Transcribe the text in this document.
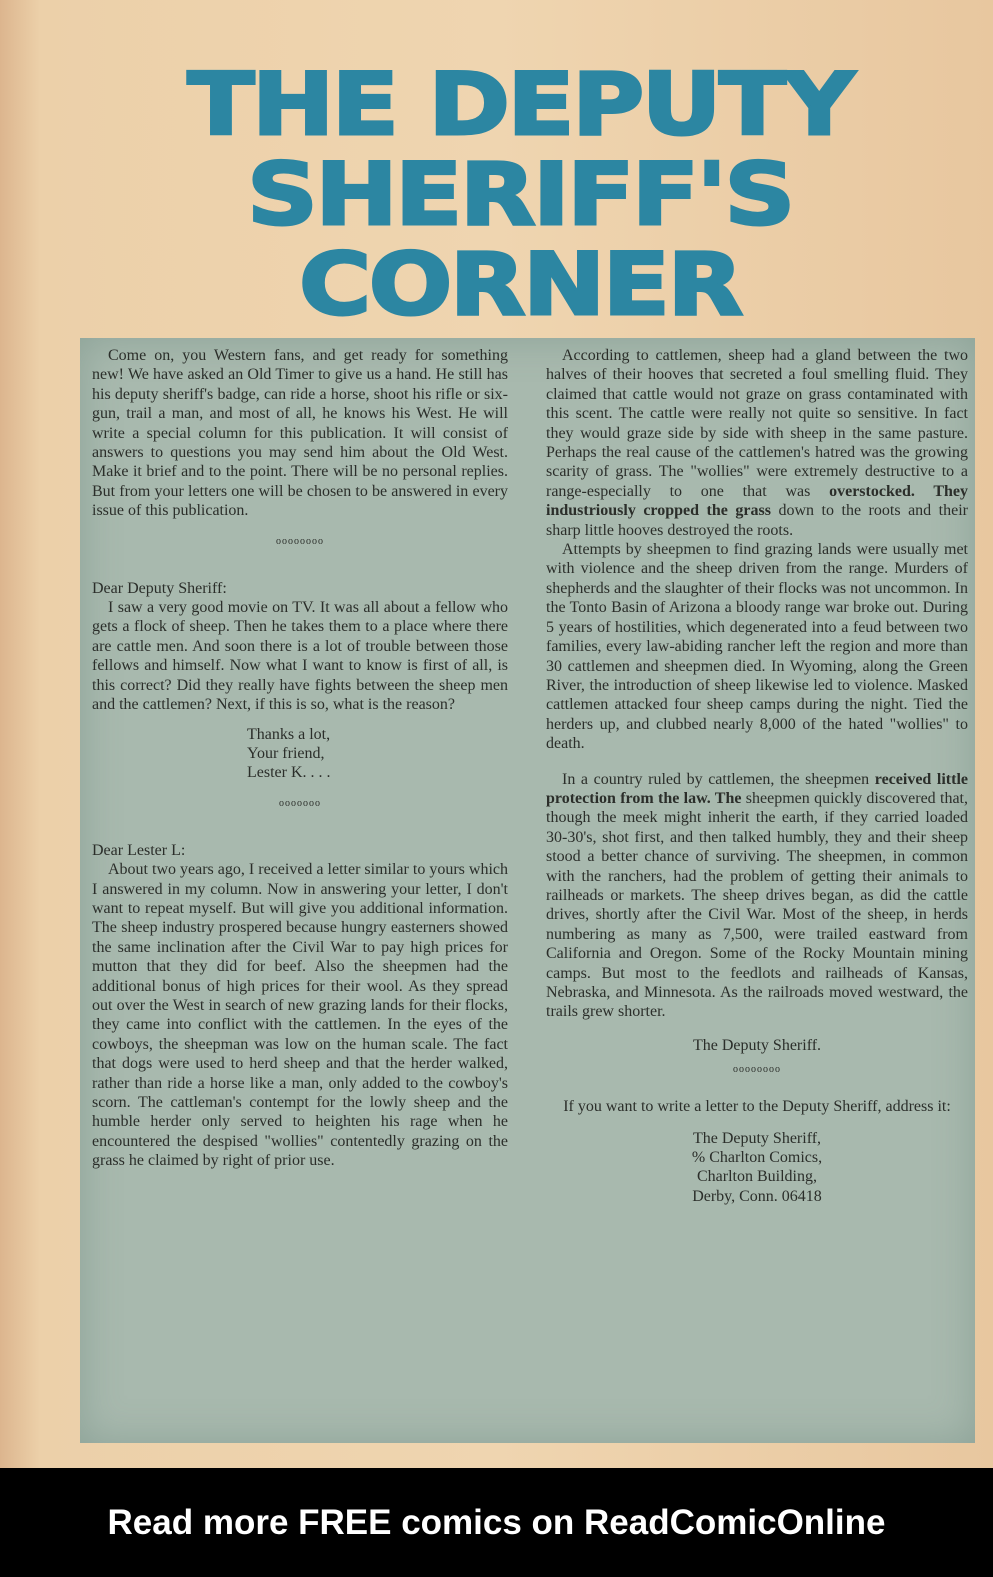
THE DEPUTY
SHERIFF'S
CORNER

Come on, you Western fans, and get ready for something new! We have asked an Old Timer to give us a hand. He still has his deputy sheriff's badge, can ride a horse, shoot his rifle or six-gun, trail a man, and most of all, he knows his West. He will write a special column for this publication. It will consist of answers to questions you may send him about the Old West. Make it brief and to the point. There will be no personal replies. But from your letters one will be chosen to be answered in every issue of this publication.

oooooooo

Dear Deputy Sheriff:

I saw a very good movie on TV. It was all about a fellow who gets a flock of sheep. Then he takes them to a place where there are cattle men. And soon there is a lot of trouble between those fellows and himself. Now what I want to know is first of all, is this correct? Did they really have fights between the sheep men and the cattlemen? Next, if this is so, what is the reason?

Thanks a lot,

Your friend,

Lester K. . . .

ooooooo

Dear Lester L:

About two years ago, I received a letter similar to yours which I answered in my column. Now in answering your letter, I don't want to repeat myself. But will give you additional information. The sheep industry prospered because hungry easterners showed the same inclination after the Civil War to pay high prices for mutton that they did for beef. Also the sheepmen had the additional bonus of high prices for their wool. As they spread out over the West in search of new grazing lands for their flocks, they came into conflict with the cattlemen. In the eyes of the cowboys, the sheepman was low on the human scale. The fact that dogs were used to herd sheep and that the herder walked, rather than ride a horse like a man, only added to the cowboy's scorn. The cattleman's contempt for the lowly sheep and the humble herder only served to heighten his rage when he encountered the despised "wollies" contentedly grazing on the grass he claimed by right of prior use.

According to cattlemen, sheep had a gland between the two halves of their hooves that secreted a foul smelling fluid. They claimed that cattle would not graze on grass contaminated with this scent. The cattle were really not quite so sensitive. In fact they would graze side by side with sheep in the same pasture. Perhaps the real cause of the cattlemen's hatred was the growing scarity of grass. The "wollies" were extremely destructive to a range-especially to one that was overstocked. They industriously cropped the grass down to the roots and their sharp little hooves destroyed the roots.

Attempts by sheepmen to find grazing lands were usually met with violence and the sheep driven from the range. Murders of shepherds and the slaughter of their flocks was not uncommon. In the Tonto Basin of Arizona a bloody range war broke out. During 5 years of hostilities, which degenerated into a feud between two families, every law-abiding rancher left the region and more than 30 cattlemen and sheepmen died. In Wyoming, along the Green River, the introduction of sheep likewise led to violence. Masked cattlemen attacked four sheep camps during the night. Tied the herders up, and clubbed nearly 8,000 of the hated "wollies" to death.

In a country ruled by cattlemen, the sheepmen received little protection from the law. The sheepmen quickly discovered that, though the meek might inherit the earth, if they carried loaded 30-30's, shot first, and then talked humbly, they and their sheep stood a better chance of surviving. The sheepmen, in common with the ranchers, had the problem of getting their animals to railheads or markets. The sheep drives began, as did the cattle drives, shortly after the Civil War. Most of the sheep, in herds numbering as many as 7,500, were trailed eastward from California and Oregon. Some of the Rocky Mountain mining camps. But most to the feedlots and railheads of Kansas, Nebraska, and Minnesota. As the railroads moved westward, the trails grew shorter.

The Deputy Sheriff.

oooooooo

If you want to write a letter to the Deputy Sheriff, address it:

The Deputy Sheriff,

% Charlton Comics,

Charlton Building,

Derby, Conn. 06418

Read more FREE comics on ReadComicOnline
